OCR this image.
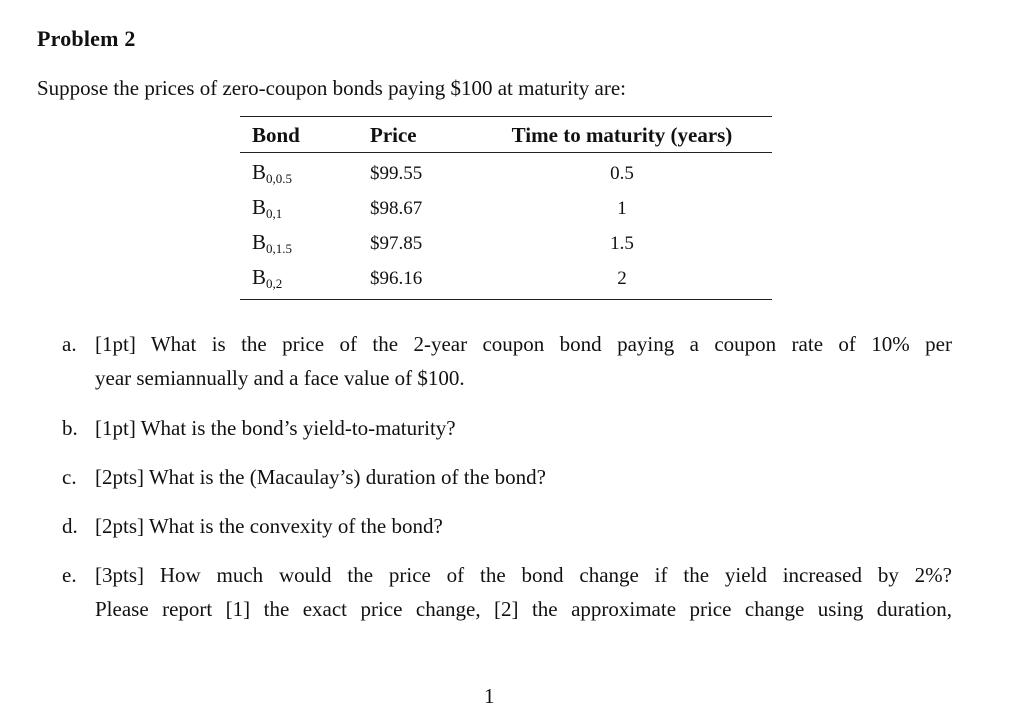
Problem 2
Suppose the prices of zero-coupon bonds paying $100 at maturity are:
Bond	Price	Time to maturity (years)
$B_{0,0.5}$	$99.55	0.5
$B_{0,1}$	$98.67	1
$B_{0,1.5}$	$97.85	1.5
$B_{0,2}$	$96.16	2
a. [1pt] What is the price of the 2-year coupon bond paying a coupon rate of 10% per
year semiannually and a face value of $100.
b. [1pt] What is the bond’s yield-to-maturity?
c. [2pts] What is the (Macaulay’s) duration of the bond?
d. [2pts] What is the convexity of the bond?
e. [3pts] How much would the price of the bond change if the yield increased by 2%?
Please report [1] the exact price change, [2] the approximate price change using duration,
1
